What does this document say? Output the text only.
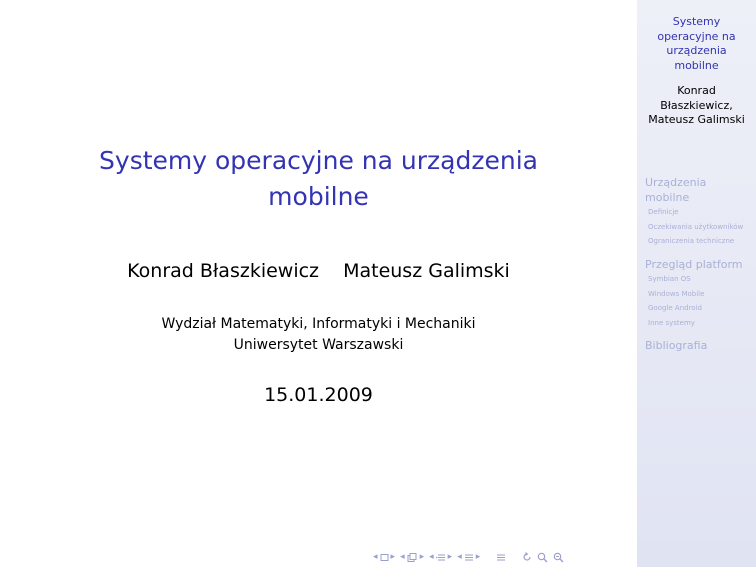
Systemy operacyjne na urządzenia
mobilne
Konrad Błaszkiewicz Mateusz Galimski
Wydział Matematyki, Informatyki i Mechaniki
Uniwersytet Warszawski
15.01.2009
Systemy
operacyjne na
urządzenia
mobilne
Konrad
Błaszkiewicz,
Mateusz Galimski
Urządzenia
mobilne
Definicje
Oczekiwania użytkowników
Ograniczenia techniczne
Przegląd platform
Symbian OS
Windows Mobile
Google Android
Inne systemy
Bibliografia
◂ ▸ ◂ ▸ ◂ ▸ ◂ ▸
